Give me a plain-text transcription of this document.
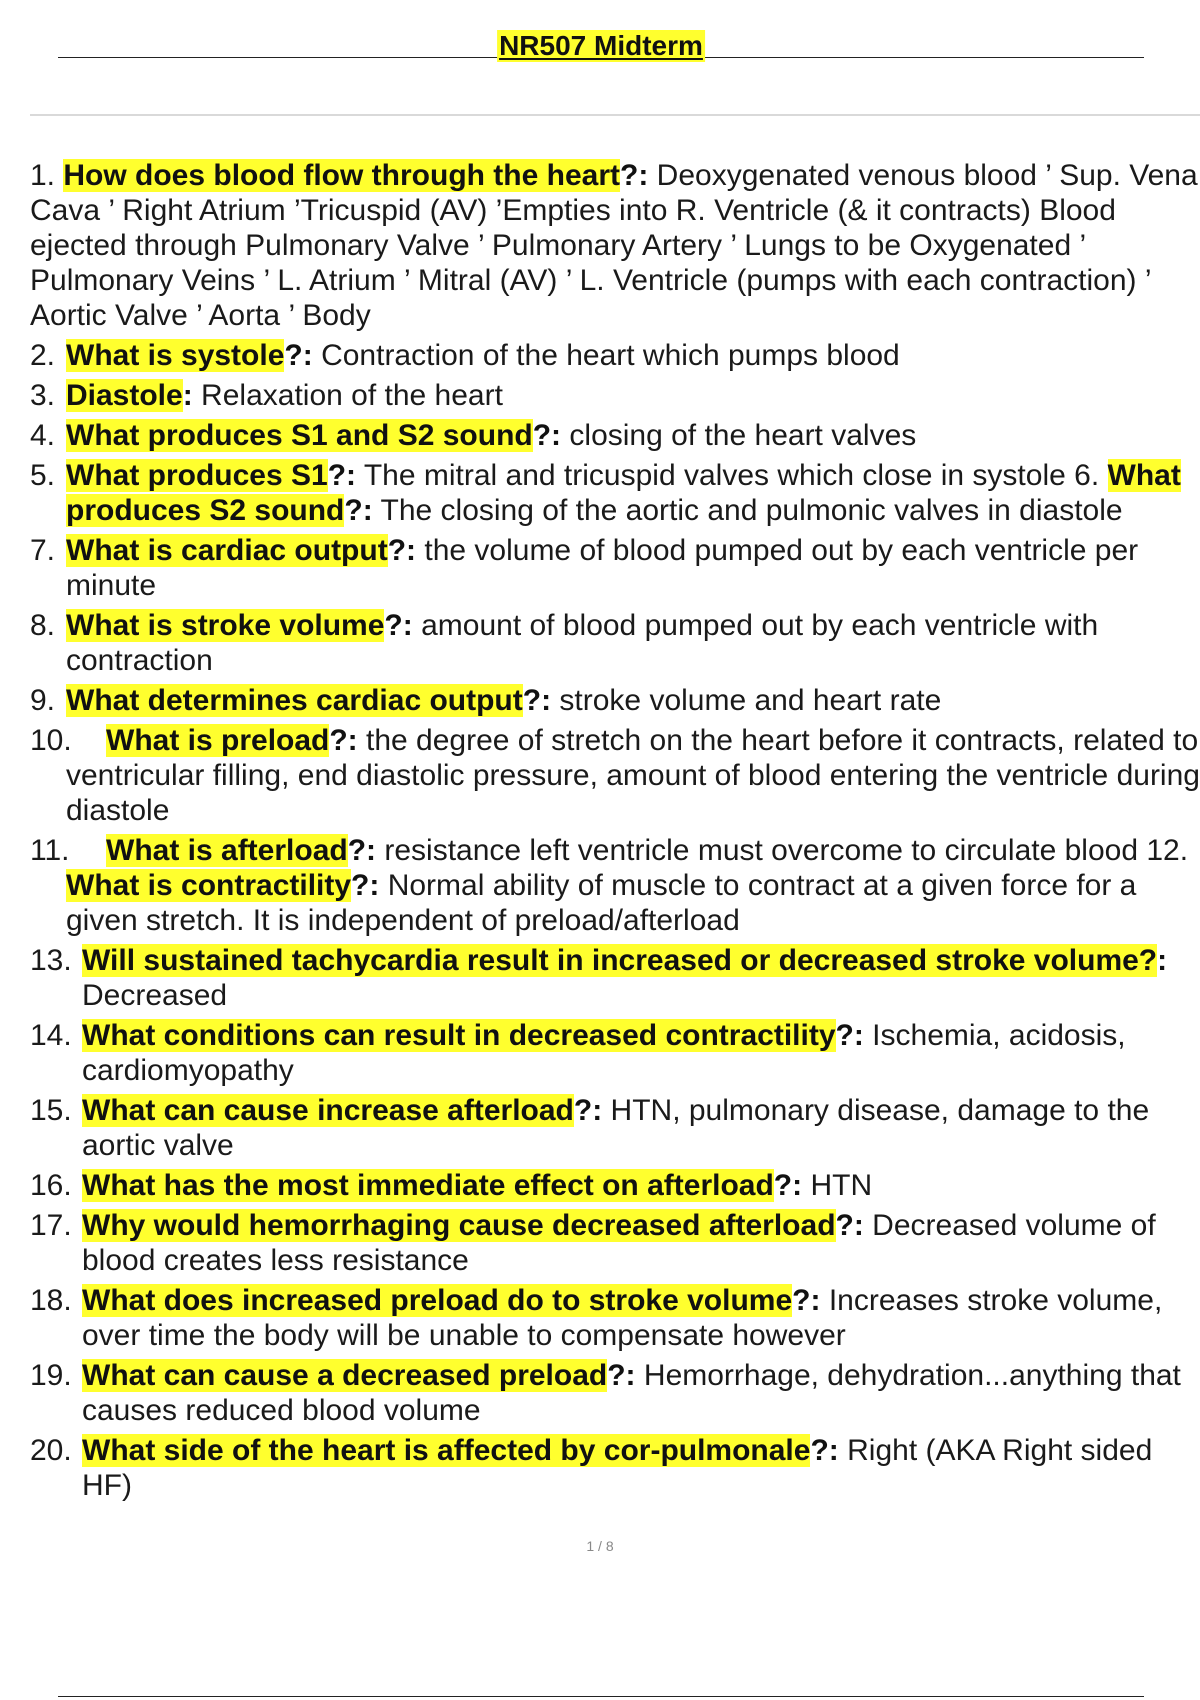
NR507 Midterm
1. How does blood flow through the heart?: Deoxygenated venous blood ’ Sup. Vena Cava ’ Right Atrium ’Tricuspid (AV) ’Empties into R. Ventricle (& it contracts) Blood ejected through Pulmonary Valve ’ Pulmonary Artery ’ Lungs to be Oxygenated ’ Pulmonary Veins ’ L. Atrium ’ Mitral (AV) ’ L. Ventricle (pumps with each contraction) ’ Aortic Valve ’ Aorta ’ Body
2. What is systole?: Contraction of the heart which pumps blood
3. Diastole: Relaxation of the heart
4. What produces S1 and S2 sound?: closing of the heart valves
5. What produces S1?: The mitral and tricuspid valves which close in systole 6. What produces S2 sound?: The closing of the aortic and pulmonic valves in diastole
7. What is cardiac output?: the volume of blood pumped out by each ventricle per minute
8. What is stroke volume?: amount of blood pumped out by each ventricle with contraction
9. What determines cardiac output?: stroke volume and heart rate
10. What is preload?: the degree of stretch on the heart before it contracts, related to ventricular filling, end diastolic pressure, amount of blood entering the ventricle during diastole
11. What is afterload?: resistance left ventricle must overcome to circulate blood 12. What is contractility?: Normal ability of muscle to contract at a given force for a given stretch. It is independent of preload/afterload
13. Will sustained tachycardia result in increased or decreased stroke volume?: Decreased
14. What conditions can result in decreased contractility?: Ischemia, acidosis, cardiomyopathy
15. What can cause increase afterload?: HTN, pulmonary disease, damage to the aortic valve
16. What has the most immediate effect on afterload?: HTN
17. Why would hemorrhaging cause decreased afterload?: Decreased volume of blood creates less resistance
18. What does increased preload do to stroke volume?: Increases stroke volume, over time the body will be unable to compensate however
19. What can cause a decreased preload?: Hemorrhage, dehydration...anything that causes reduced blood volume
20. What side of the heart is affected by cor-pulmonale?: Right (AKA Right sided HF)
1 / 8
